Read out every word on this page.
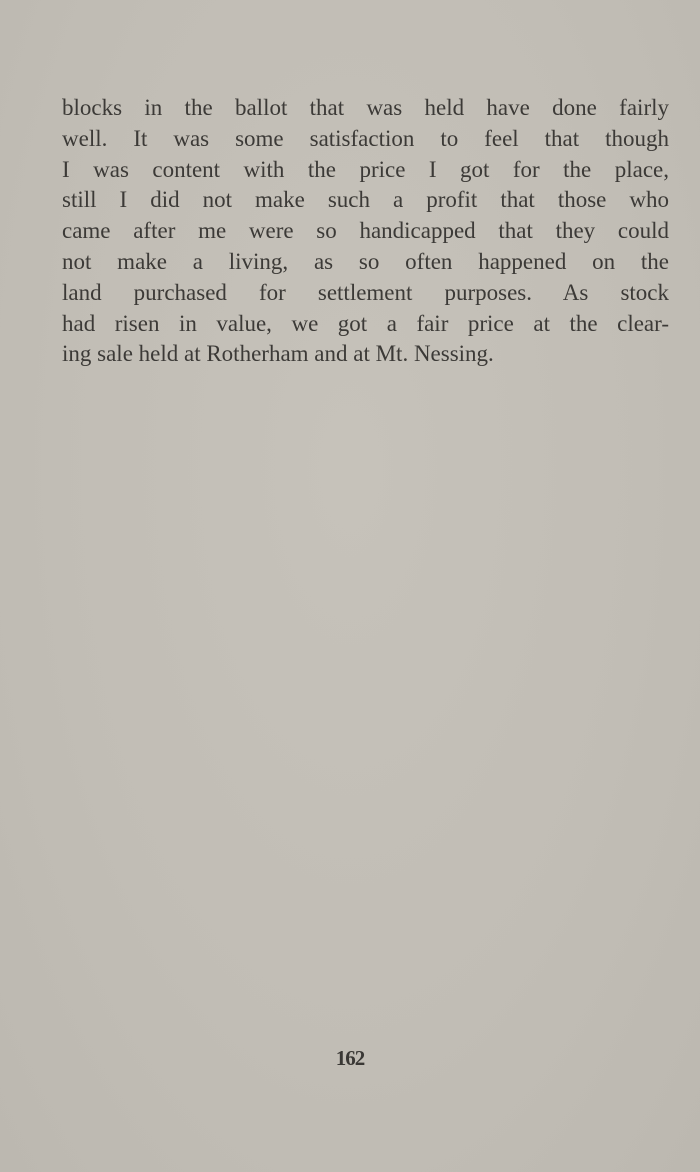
blocks in the ballot that was held have done fairly
well. It was some satisfaction to feel that though
I was content with the price I got for the place,
still I did not make such a profit that those who
came after me were so handicapped that they could
not make a living, as so often happened on the
land purchased for settlement purposes. As stock
had risen in value, we got a fair price at the clear-
ing sale held at Rotherham and at Mt. Nessing.
162
